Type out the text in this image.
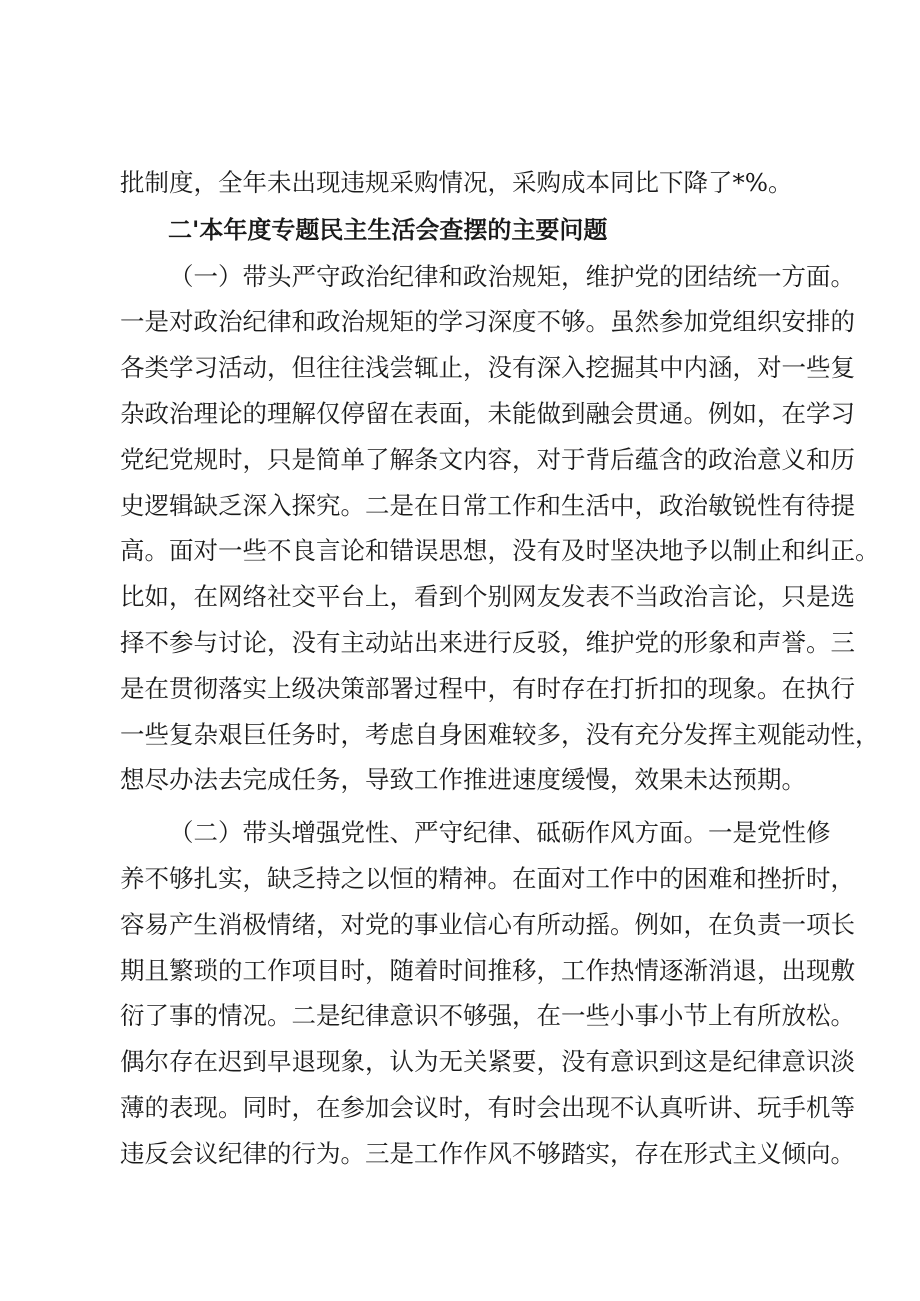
批制度，全年未出现违规采购情况，采购成本同比下降了*%。
二'本年度专题民主生活会查摆的主要问题
（一）带头严守政治纪律和政治规矩，维护党的团结统一方面。
一是对政治纪律和政治规矩的学习深度不够。虽然参加党组织安排的
各类学习活动，但往往浅尝辄止，没有深入挖掘其中内涵，对一些复
杂政治理论的理解仅停留在表面，未能做到融会贯通。例如，在学习
党纪党规时，只是简单了解条文内容，对于背后蕴含的政治意义和历
史逻辑缺乏深入探究。二是在日常工作和生活中，政治敏锐性有待提
高。面对一些不良言论和错误思想，没有及时坚决地予以制止和纠正。
比如，在网络社交平台上，看到个别网友发表不当政治言论，只是选
择不参与讨论，没有主动站出来进行反驳，维护党的形象和声誉。三
是在贯彻落实上级决策部署过程中，有时存在打折扣的现象。在执行
一些复杂艰巨任务时，考虑自身困难较多，没有充分发挥主观能动性，
想尽办法去完成任务，导致工作推进速度缓慢，效果未达预期。
（二）带头增强党性、严守纪律、砥砺作风方面。一是党性修
养不够扎实，缺乏持之以恒的精神。在面对工作中的困难和挫折时，
容易产生消极情绪，对党的事业信心有所动摇。例如，在负责一项长
期且繁琐的工作项目时，随着时间推移，工作热情逐渐消退，出现敷
衍了事的情况。二是纪律意识不够强，在一些小事小节上有所放松。
偶尔存在迟到早退现象，认为无关紧要，没有意识到这是纪律意识淡
薄的表现。同时，在参加会议时，有时会出现不认真听讲、玩手机等
违反会议纪律的行为。三是工作作风不够踏实，存在形式主义倾向。
